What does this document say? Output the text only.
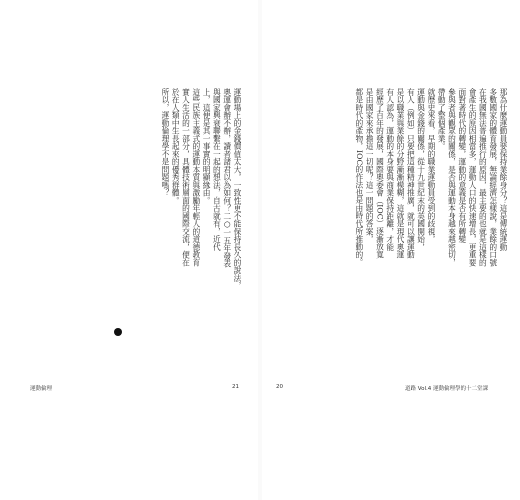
那為什麼運動員要保持業餘身分？這是傳統運動
多數國家的體育發展，無論經濟怎樣說，業餘的口號
在我國無法普遍推行的原因，最主要的也就是這樣的
會產生的原因相當多，運動人口的快速增長，更重要
面對著時代的轉變，運動的意義是否有所轉變
參與者與觀眾的關係，是否與運動本身越來越密切，
帶動了整個產業。
就歷史來看，早期的職業運動員受到的歧視，
運動與金錢的關係，從十九世紀末的英國開始，
有人（例如）只要把這種精神推廣，就可以讓運動
是以職業與業餘的分野漸漸模糊，這就是現代奧運
有人認為，運動的本身要與商業保持距離，才能
經歷了百年的發展，國際奧委會（IOC）逐漸放寬
是由國家來承擔這一切呢？這一問題的答案，
都是時代的產物，IOC的作法也是由時代所推動的。
20	道路 Vol.4 運動倫理學的十二堂課
運動場上的金錢價值太大，一致性更不能保持長久的說法，
奧運會辦不辦，讀者諸君以為如何？二○一五年發表
與國家興衰聯繫在一起的想法，自古就有，近代
上，這便是其一事實的明顯緣由。
這些民族主義式的運動本質與激勵年輕人的道德教育
實人生活的一部分，具體技術層面的國際交流，便在
於在人類中生長起來的優秀群體。
所以，運動倫理學不是問題嗎？
運動倫理	21
